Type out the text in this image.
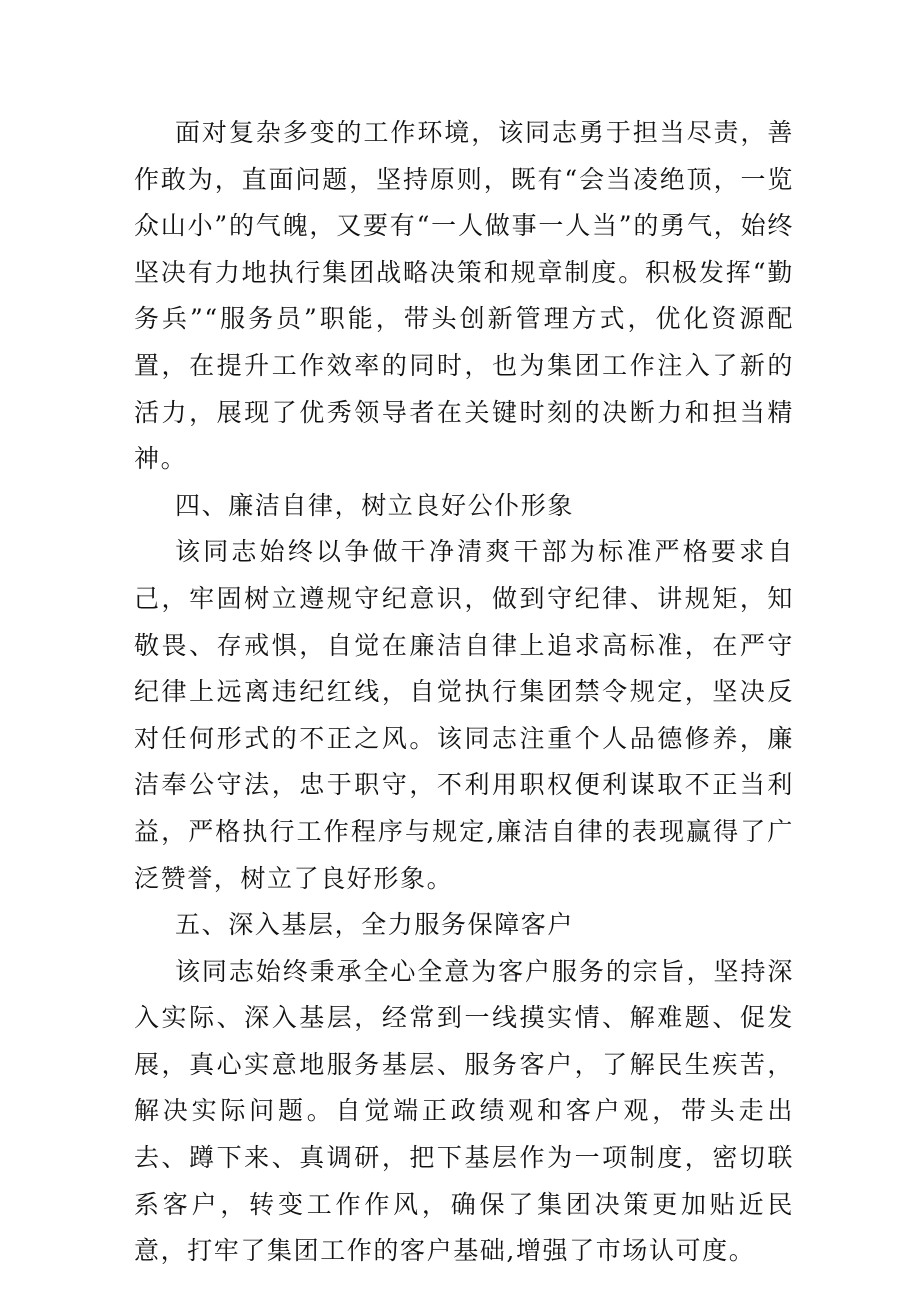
面对复杂多变的工作环境，该同志勇于担当尽责，善作敢为，直面问题，坚持原则，既有“会当凌绝顶，一览众山小”的气魄，又要有“一人做事一人当”的勇气，始终坚决有力地执行集团战略决策和规章制度。积极发挥“勤务兵”“服务员”职能，带头创新管理方式，优化资源配置，在提升工作效率的同时，也为集团工作注入了新的活力，展现了优秀领导者在关键时刻的决断力和担当精神。

四、廉洁自律，树立良好公仆形象

该同志始终以争做干净清爽干部为标准严格要求自己，牢固树立遵规守纪意识，做到守纪律、讲规矩，知敬畏、存戒惧，自觉在廉洁自律上追求高标准，在严守纪律上远离违纪红线，自觉执行集团禁令规定，坚决反对任何形式的不正之风。该同志注重个人品德修养，廉洁奉公守法，忠于职守，不利用职权便利谋取不正当利益，严格执行工作程序与规定,廉洁自律的表现赢得了广泛赞誉，树立了良好形象。

五、深入基层，全力服务保障客户

该同志始终秉承全心全意为客户服务的宗旨，坚持深入实际、深入基层，经常到一线摸实情、解难题、促发展，真心实意地服务基层、服务客户，了解民生疾苦，解决实际问题。自觉端正政绩观和客户观，带头走出去、蹲下来、真调研，把下基层作为一项制度，密切联系客户，转变工作作风，确保了集团决策更加贴近民意，打牢了集团工作的客户基础,增强了市场认可度。
